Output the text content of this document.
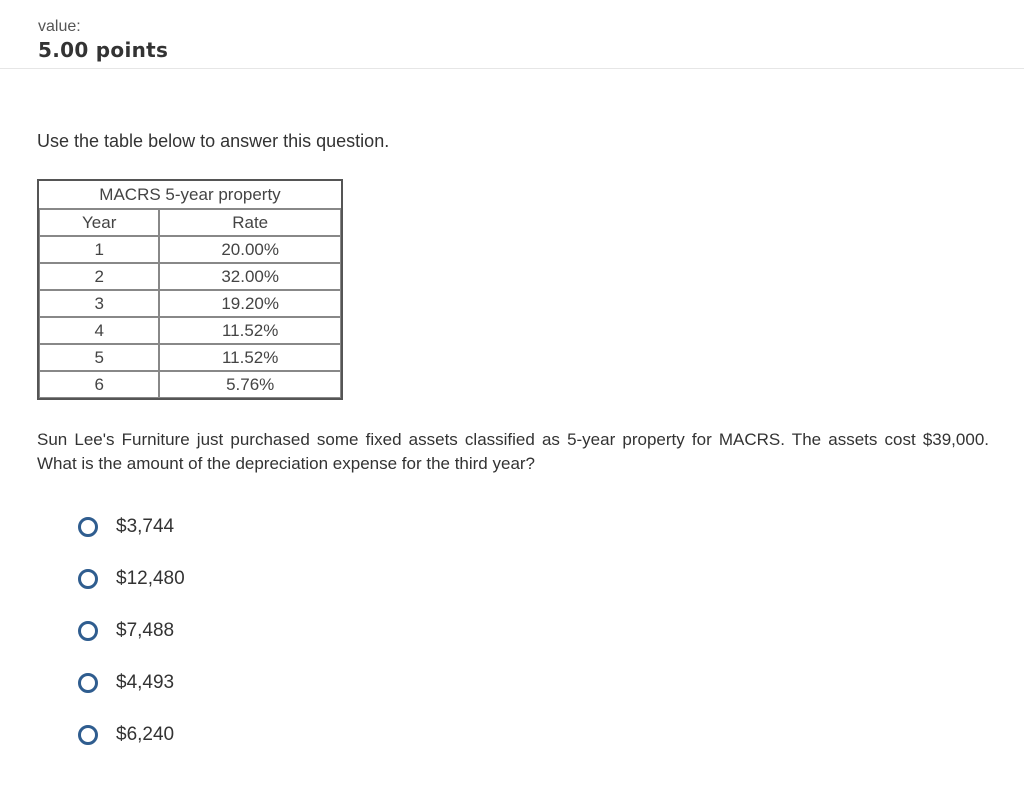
value:
5.00 points
Use the table below to answer this question.
MACRS 5-year property	
Year	Rate
1	20.00%
2	32.00%
3	19.20%
4	11.52%
5	11.52%
6	5.76%
Sun Lee's Furniture just purchased some fixed assets classified as 5-year property for MACRS. The assets cost $39,000. What is the amount of the depreciation expense for the third year?
$3,744
$12,480
$7,488
$4,493
$6,240
